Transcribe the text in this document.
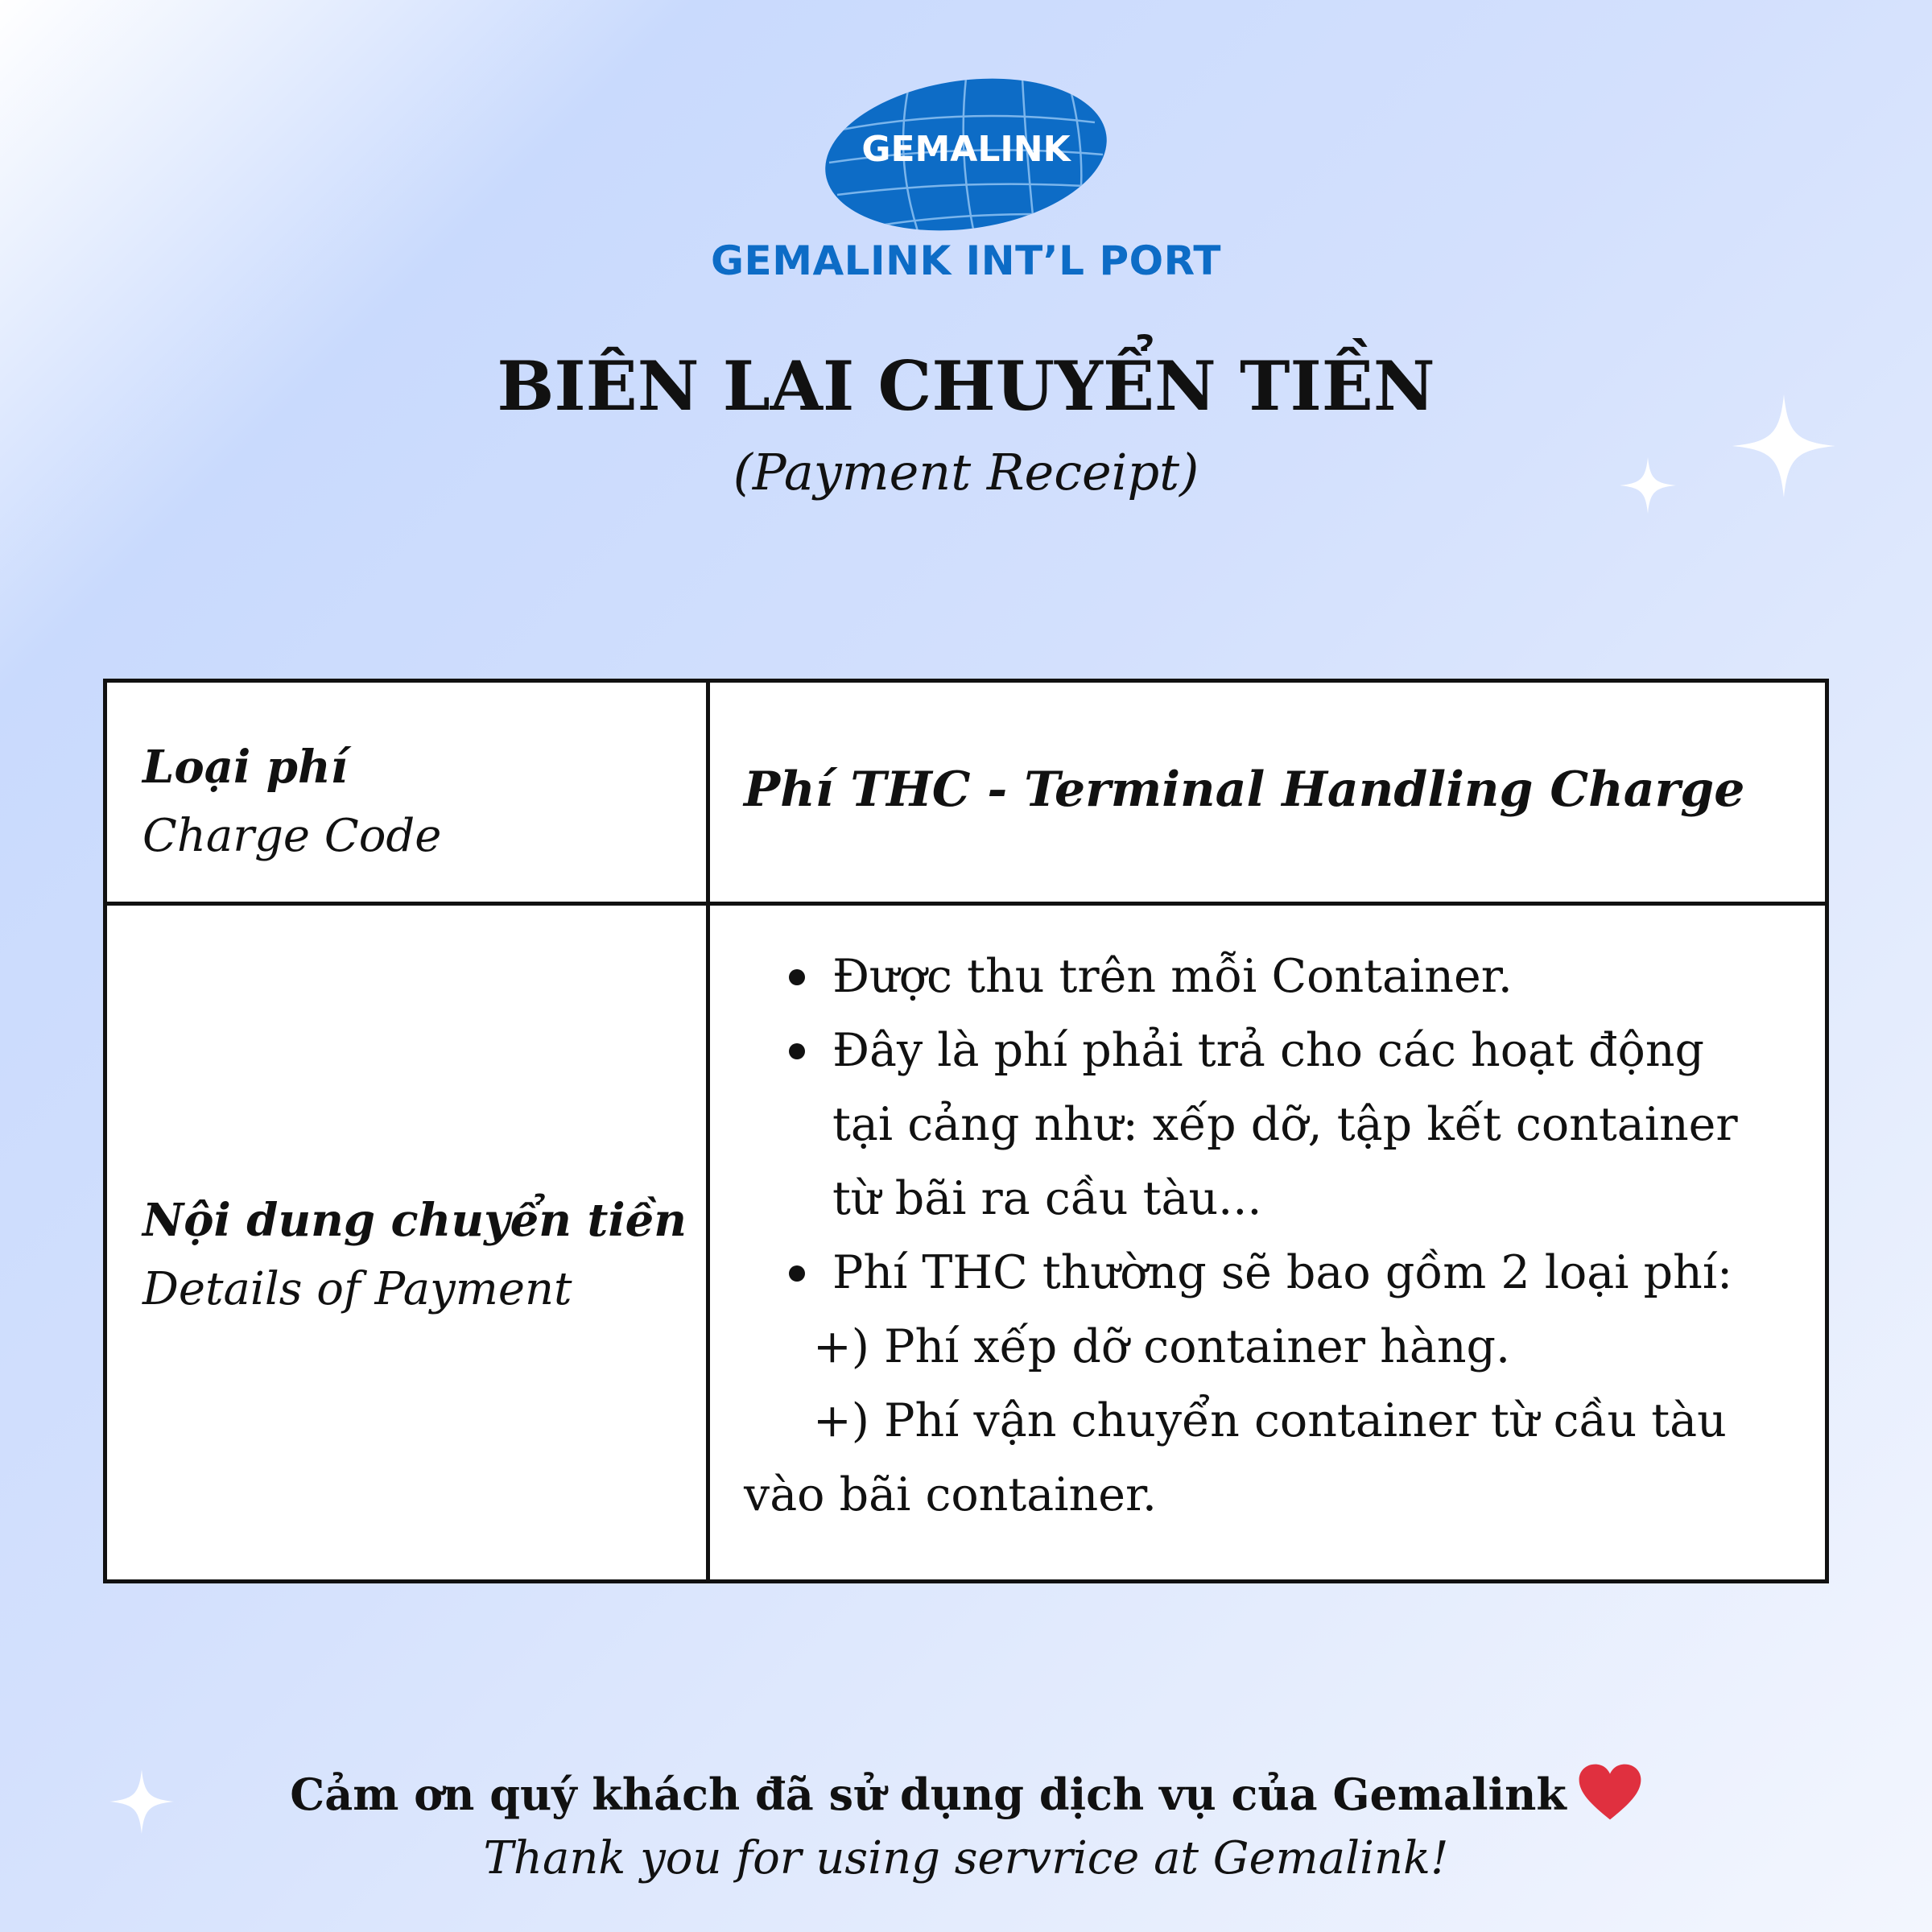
GEMALINK
GEMALINK INT’L PORT
BIÊN LAI CHUYỂN TIỀN
(Payment Receipt)
Loại phí
Charge Code
Phí THC - Terminal Handling Charge
Nội dung chuyển tiền
Details of Payment
Được thu trên mỗi Container.
Đây là phí phải trả cho các hoạt động
tại cảng như: xếp dỡ, tập kết container
từ bãi ra cầu tàu...
Phí THC thường sẽ bao gồm 2 loại phí:
+) Phí xếp dỡ container hàng.
+) Phí vận chuyển container từ cầu tàu
vào bãi container.
Cảm ơn quý khách đã sử dụng dịch vụ của Gemalink
Thank you for using servrice at Gemalink!
